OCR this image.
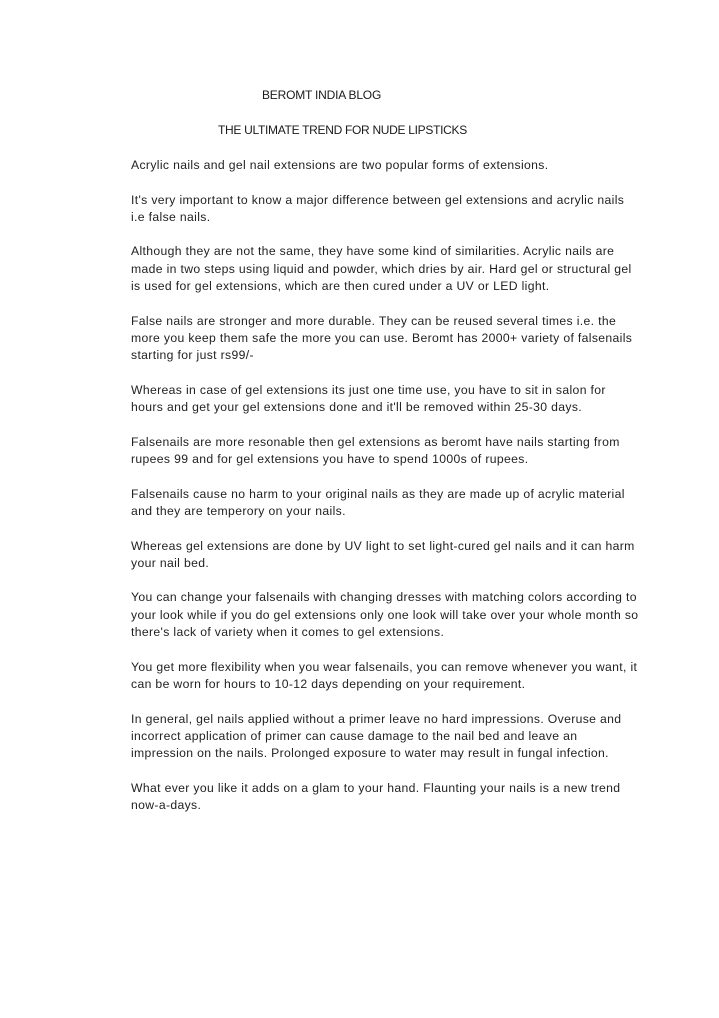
BEROMT INDIA BLOG
THE ULTIMATE TREND FOR NUDE LIPSTICKS

Acrylic nails and gel nail extensions are two popular forms of extensions.

It's very important to know a major difference between gel extensions and acrylic nails i.e false nails.

Although they are not the same, they have some kind of similarities. Acrylic nails are made in two steps using liquid and powder, which dries by air. Hard gel or structural gel is used for gel extensions, which are then cured under a UV or LED light.

False nails are stronger and more durable. They can be reused several times i.e. the more you keep them safe the more you can use. Beromt has 2000+ variety of falsenails starting for just rs99/-

Whereas in case of gel extensions its just one time use, you have to sit in salon for hours and get your gel extensions done and it'll be removed within 25-30 days.

Falsenails are more resonable then gel extensions as beromt have nails starting from rupees 99 and for gel extensions you have to spend 1000s of rupees.

Falsenails cause no harm to your original nails as they are made up of acrylic material and they are temperory on your nails.

Whereas gel extensions are done by UV light to set light-cured gel nails and it can harm your nail bed.

You can change your falsenails with changing dresses with matching colors according to your look while if you do gel extensions only one look will take over your whole month so there's lack of variety when it comes to gel extensions.

You get more flexibility when you wear falsenails, you can remove whenever you want, it can be worn for hours to 10-12 days depending on your requirement.

In general, gel nails applied without a primer leave no hard impressions. Overuse and incorrect application of primer can cause damage to the nail bed and leave an impression on the nails. Prolonged exposure to water may result in fungal infection.

What ever you like it adds on a glam to your hand. Flaunting your nails is a new trend now-a-days.
